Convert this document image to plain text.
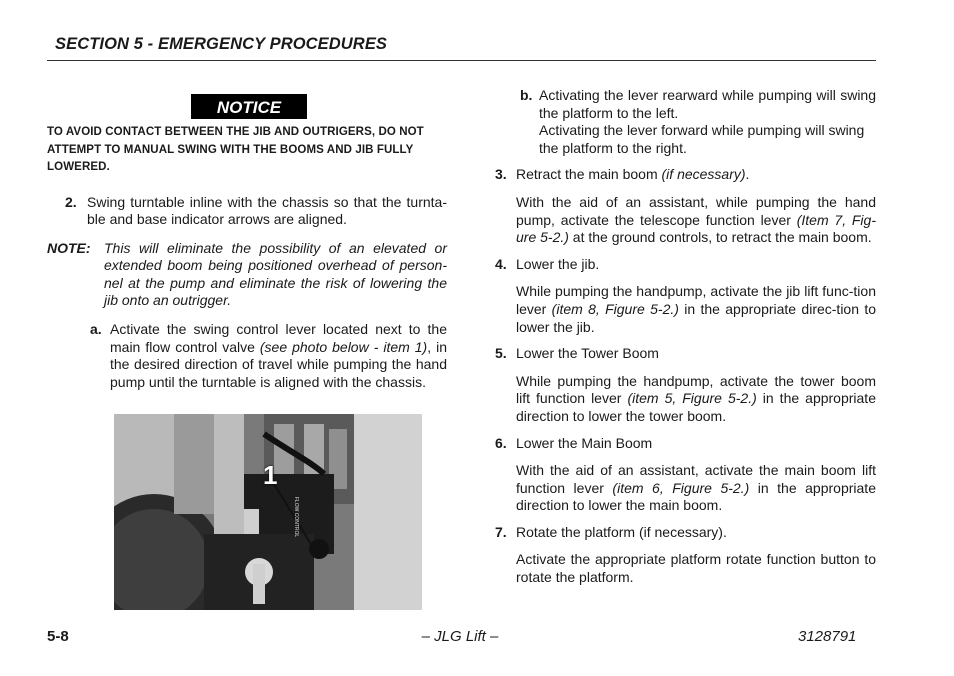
SECTION 5 - EMERGENCY PROCEDURES
NOTICE
TO AVOID CONTACT BETWEEN THE JIB AND OUTRIGERS, DO NOT ATTEMPT TO MANUAL SWING WITH THE BOOMS AND JIB FULLY LOWERED.
2. Swing turntable inline with the chassis so that the turnta-ble and base indicator arrows are aligned.
NOTE: This will eliminate the possibility of an elevated or extended boom being positioned overhead of person-nel at the pump and eliminate the risk of lowering the jib onto an outrigger.
a. Activate the swing control lever located next to the main flow control valve (see photo below - item 1), in the desired direction of travel while pumping the hand pump until the turntable is aligned with the chassis.
1
FLOW CONTROL
b. Activating the lever rearward while pumping will swing the platform to the left.
Activating the lever forward while pumping will swing the platform to the right.
3. Retract the main boom (if necessary).
With the aid of an assistant, while pumping the hand pump, activate the telescope function lever (Item 7, Fig-ure 5-2.) at the ground controls, to retract the main boom.
4. Lower the jib.
While pumping the handpump, activate the jib lift func-tion lever (item 8, Figure 5-2.) in the appropriate direc-tion to lower the jib.
5. Lower the Tower Boom
While pumping the handpump, activate the tower boom lift function lever (item 5, Figure 5-2.) in the appropriate direction to lower the tower boom.
6. Lower the Main Boom
With the aid of an assistant, activate the main boom lift function lever (item 6, Figure 5-2.) in the appropriate direction to lower the main boom.
7. Rotate the platform (if necessary).
Activate the appropriate platform rotate function button to rotate the platform.
5-8	– JLG Lift –	3128791
